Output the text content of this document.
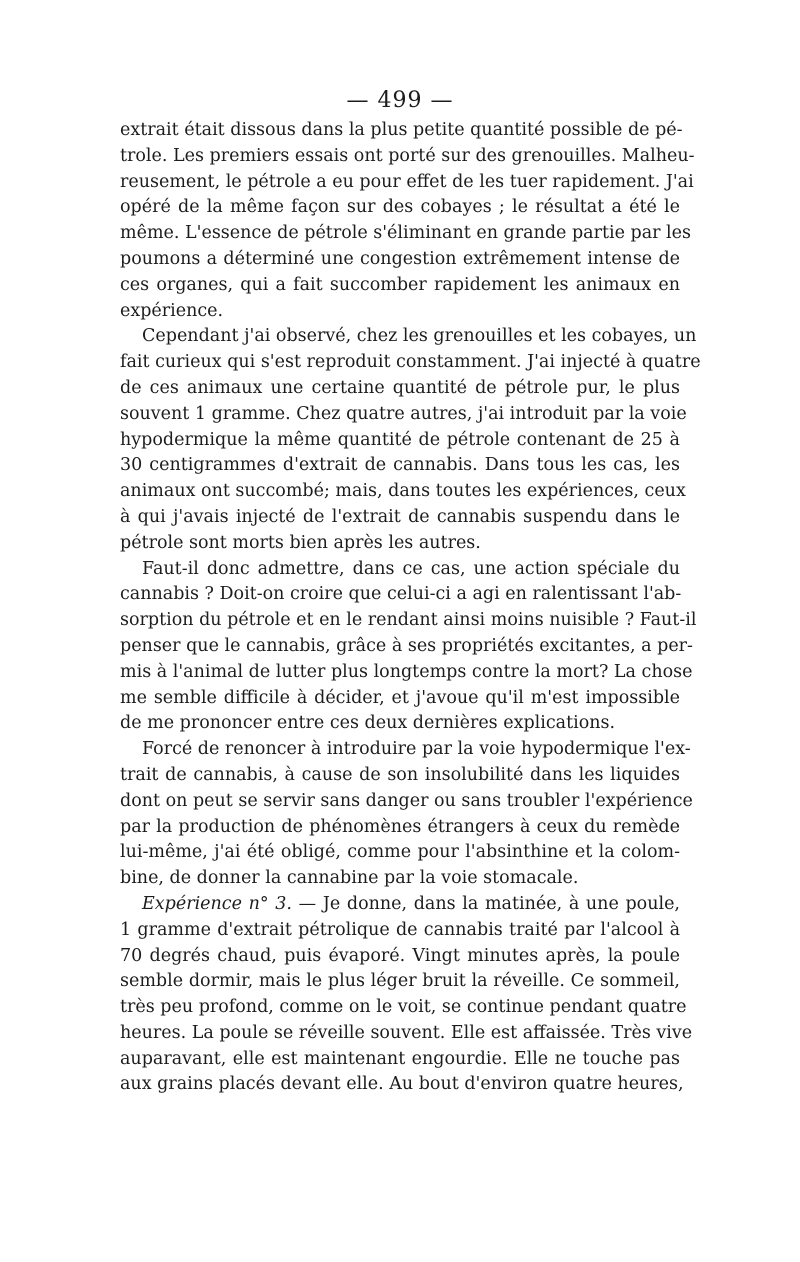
— 499 —
extrait était dissous dans la plus petite quantité possible de pé-
trole. Les premiers essais ont porté sur des grenouilles. Malheu-
reusement, le pétrole a eu pour effet de les tuer rapidement. J'ai
opéré de la même façon sur des cobayes ; le résultat a été le
même. L'essence de pétrole s'éliminant en grande partie par les
poumons a déterminé une congestion extrêmement intense de
ces organes, qui a fait succomber rapidement les animaux en
expérience.
Cependant j'ai observé, chez les grenouilles et les cobayes, un
fait curieux qui s'est reproduit constamment. J'ai injecté à quatre
de ces animaux une certaine quantité de pétrole pur, le plus
souvent 1 gramme. Chez quatre autres, j'ai introduit par la voie
hypodermique la même quantité de pétrole contenant de 25 à
30 centigrammes d'extrait de cannabis. Dans tous les cas, les
animaux ont succombé; mais, dans toutes les expériences, ceux
à qui j'avais injecté de l'extrait de cannabis suspendu dans le
pétrole sont morts bien après les autres.
Faut-il donc admettre, dans ce cas, une action spéciale du
cannabis ? Doit-on croire que celui-ci a agi en ralentissant l'ab-
sorption du pétrole et en le rendant ainsi moins nuisible ? Faut-il
penser que le cannabis, grâce à ses propriétés excitantes, a per-
mis à l'animal de lutter plus longtemps contre la mort? La chose
me semble difficile à décider, et j'avoue qu'il m'est impossible
de me prononcer entre ces deux dernières explications.
Forcé de renoncer à introduire par la voie hypodermique l'ex-
trait de cannabis, à cause de son insolubilité dans les liquides
dont on peut se servir sans danger ou sans troubler l'expérience
par la production de phénomènes étrangers à ceux du remède
lui-même, j'ai été obligé, comme pour l'absinthine et la colom-
bine, de donner la cannabine par la voie stomacale.
Expérience n° 3. — Je donne, dans la matinée, à une poule,
1 gramme d'extrait pétrolique de cannabis traité par l'alcool à
70 degrés chaud, puis évaporé. Vingt minutes après, la poule
semble dormir, mais le plus léger bruit la réveille. Ce sommeil,
très peu profond, comme on le voit, se continue pendant quatre
heures. La poule se réveille souvent. Elle est affaissée. Très vive
auparavant, elle est maintenant engourdie. Elle ne touche pas
aux grains placés devant elle. Au bout d'environ quatre heures,
